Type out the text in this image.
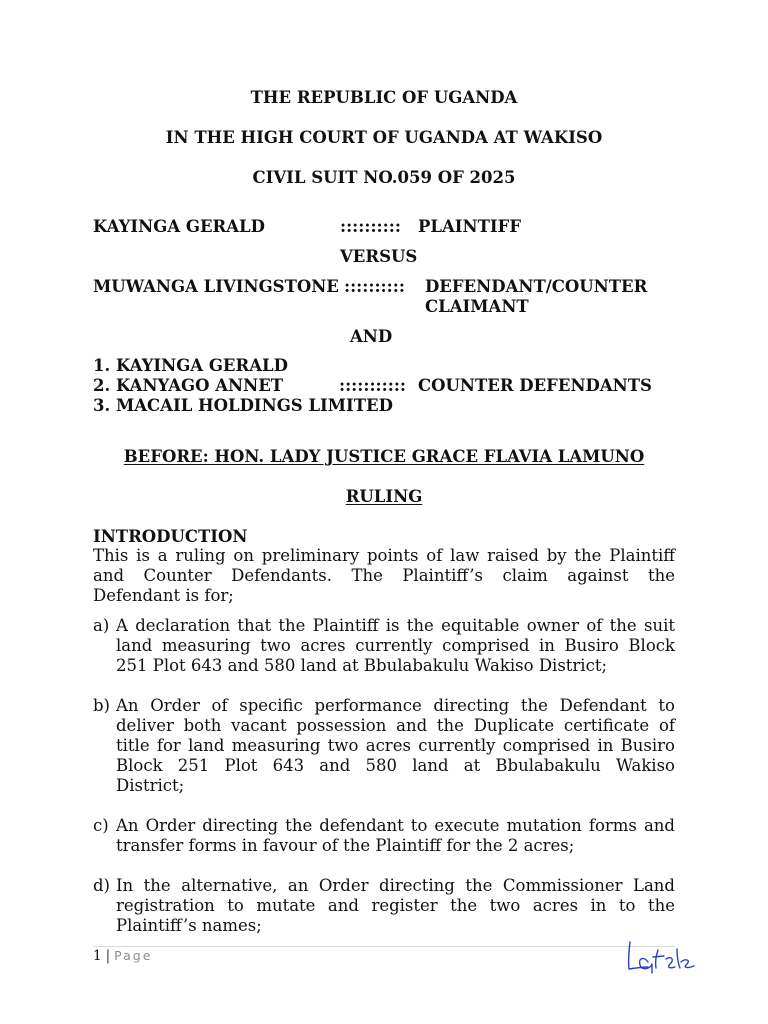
THE REPUBLIC OF UGANDA
IN THE HIGH COURT OF UGANDA AT WAKISO
CIVIL SUIT NO.059 OF 2025
KAYINGA GERALD	:::::::::: PLAINTIFF
VERSUS
MUWANGA LIVINGSTONE :::::::::: DEFENDANT/COUNTER
CLAIMANT
AND
1. KAYINGA GERALD
2. KANYAGO ANNET	::::::::::: COUNTER DEFENDANTS
3. MACAIL HOLDINGS LIMITED
BEFORE: HON. LADY JUSTICE GRACE FLAVIA LAMUNO
RULING
INTRODUCTION
This is a ruling on preliminary points of law raised by the Plaintiff
and Counter Defendants. The Plaintiff’s claim against the
Defendant is for;
a) A declaration that the Plaintiff is the equitable owner of the suit
land measuring two acres currently comprised in Busiro Block
251 Plot 643 and 580 land at Bbulabakulu Wakiso District;
b) An Order of specific performance directing the Defendant to
deliver both vacant possession and the Duplicate certificate of
title for land measuring two acres currently comprised in Busiro
Block 251 Plot 643 and 580 land at Bbulabakulu Wakiso
District;
c) An Order directing the defendant to execute mutation forms and
transfer forms in favour of the Plaintiff for the 2 acres;
d) In the alternative, an Order directing the Commissioner Land
registration to mutate and register the two acres in to the
Plaintiff’s names;
1 | Page
